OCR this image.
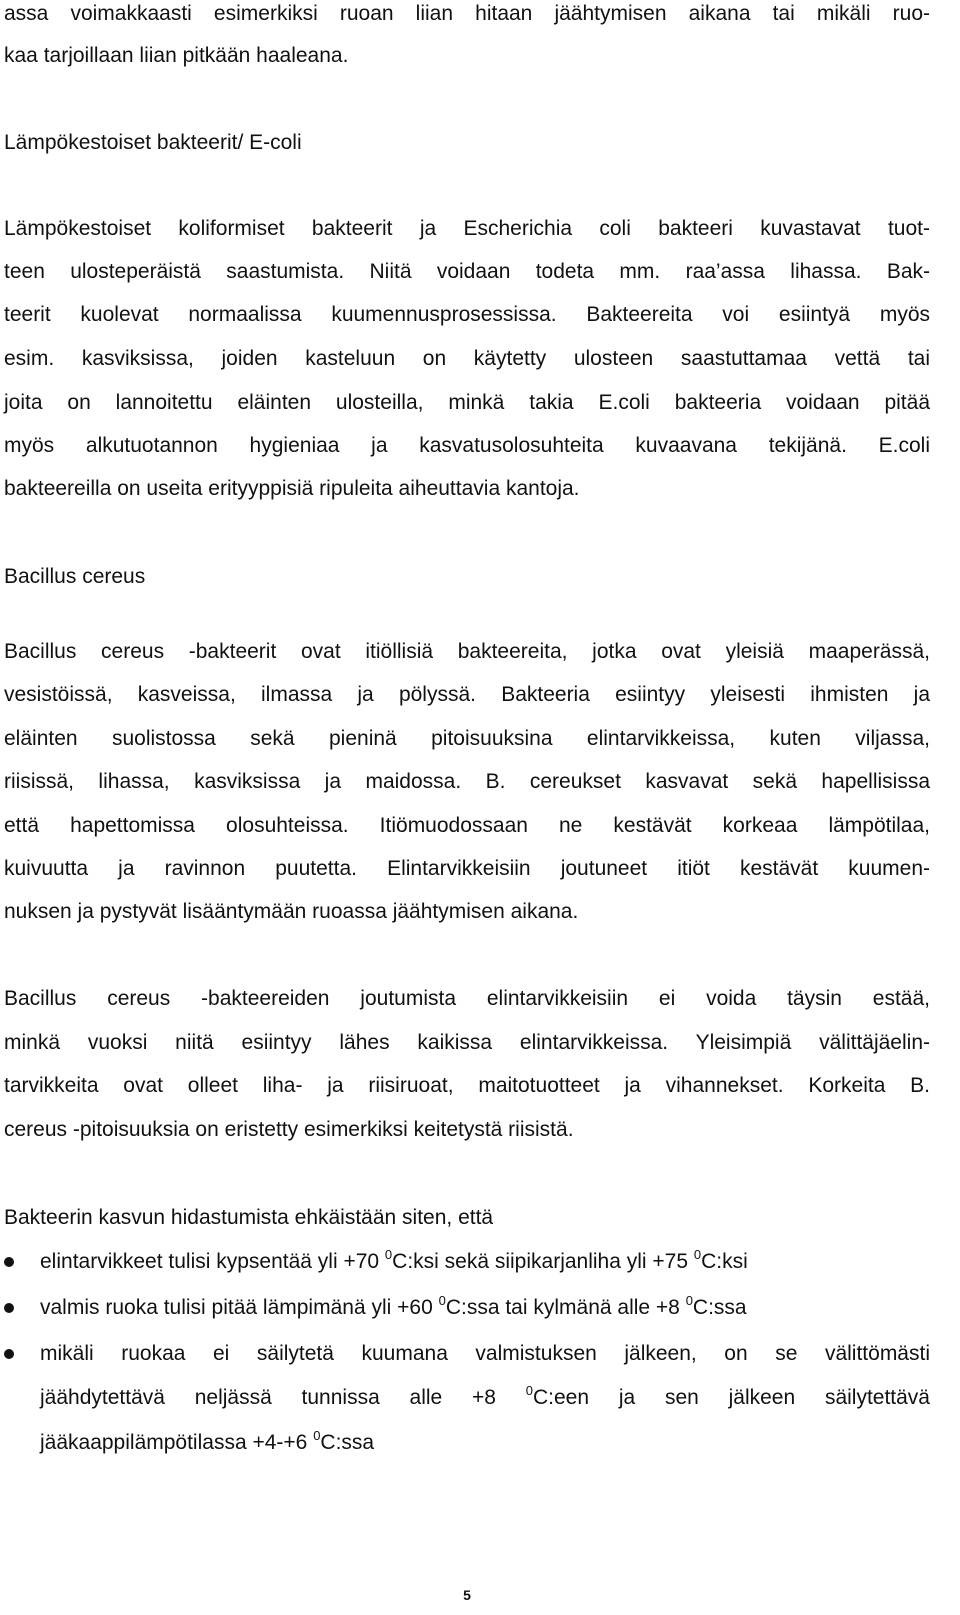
assa voimakkaasti esimerkiksi ruoan liian hitaan jäähtymisen aikana tai mikäli ruo-
kaa tarjoillaan liian pitkään haaleana.
Lämpökestoiset bakteerit/ E-coli
Lämpökestoiset koliformiset bakteerit ja Escherichia coli bakteeri kuvastavat tuot-
teen ulosteperäistä saastumista. Niitä voidaan todeta mm. raa’assa lihassa. Bak-
teerit kuolevat normaalissa kuumennusprosessissa. Bakteereita voi esiintyä myös
esim. kasviksissa, joiden kasteluun on käytetty ulosteen saastuttamaa vettä tai
joita on lannoitettu eläinten ulosteilla, minkä takia E.coli bakteeria voidaan pitää
myös alkutuotannon hygieniaa ja kasvatusolosuhteita kuvaavana tekijänä. E.coli
bakteereilla on useita erityyppisiä ripuleita aiheuttavia kantoja.
Bacillus cereus
Bacillus cereus -bakteerit ovat itiöllisiä bakteereita, jotka ovat yleisiä maaperässä,
vesistöissä, kasveissa, ilmassa ja pölyssä. Bakteeria esiintyy yleisesti ihmisten ja
eläinten suolistossa sekä pieninä pitoisuuksina elintarvikkeissa, kuten viljassa,
riisissä, lihassa, kasviksissa ja maidossa. B. cereukset kasvavat sekä hapellisissa
että hapettomissa olosuhteissa. Itiömuodossaan ne kestävät korkeaa lämpötilaa,
kuivuutta ja ravinnon puutetta. Elintarvikkeisiin joutuneet itiöt kestävät kuumen-
nuksen ja pystyvät lisääntymään ruoassa jäähtymisen aikana.
Bacillus cereus -bakteereiden joutumista elintarvikkeisiin ei voida täysin estää,
minkä vuoksi niitä esiintyy lähes kaikissa elintarvikkeissa. Yleisimpiä välittäjäelin-
tarvikkeita ovat olleet liha- ja riisiruoat, maitotuotteet ja vihannekset. Korkeita B.
cereus -pitoisuuksia on eristetty esimerkiksi keitetystä riisistä.
Bakteerin kasvun hidastumista ehkäistään siten, että
elintarvikkeet tulisi kypsentää yli +70 $^0$C:ksi sekä siipikarjanliha yli +75 $^0$C:ksi
valmis ruoka tulisi pitää lämpimänä yli +60 $^0$C:ssa tai kylmänä alle +8 $^0$C:ssa
mikäli ruokaa ei säilytetä kuumana valmistuksen jälkeen, on se välittömästi
jäähdytettävä neljässä tunnissa alle +8 $^0$C:een ja sen jälkeen säilytettävä
jääkaappilämpötilassa +4-+6 $^0$C:ssa
5
